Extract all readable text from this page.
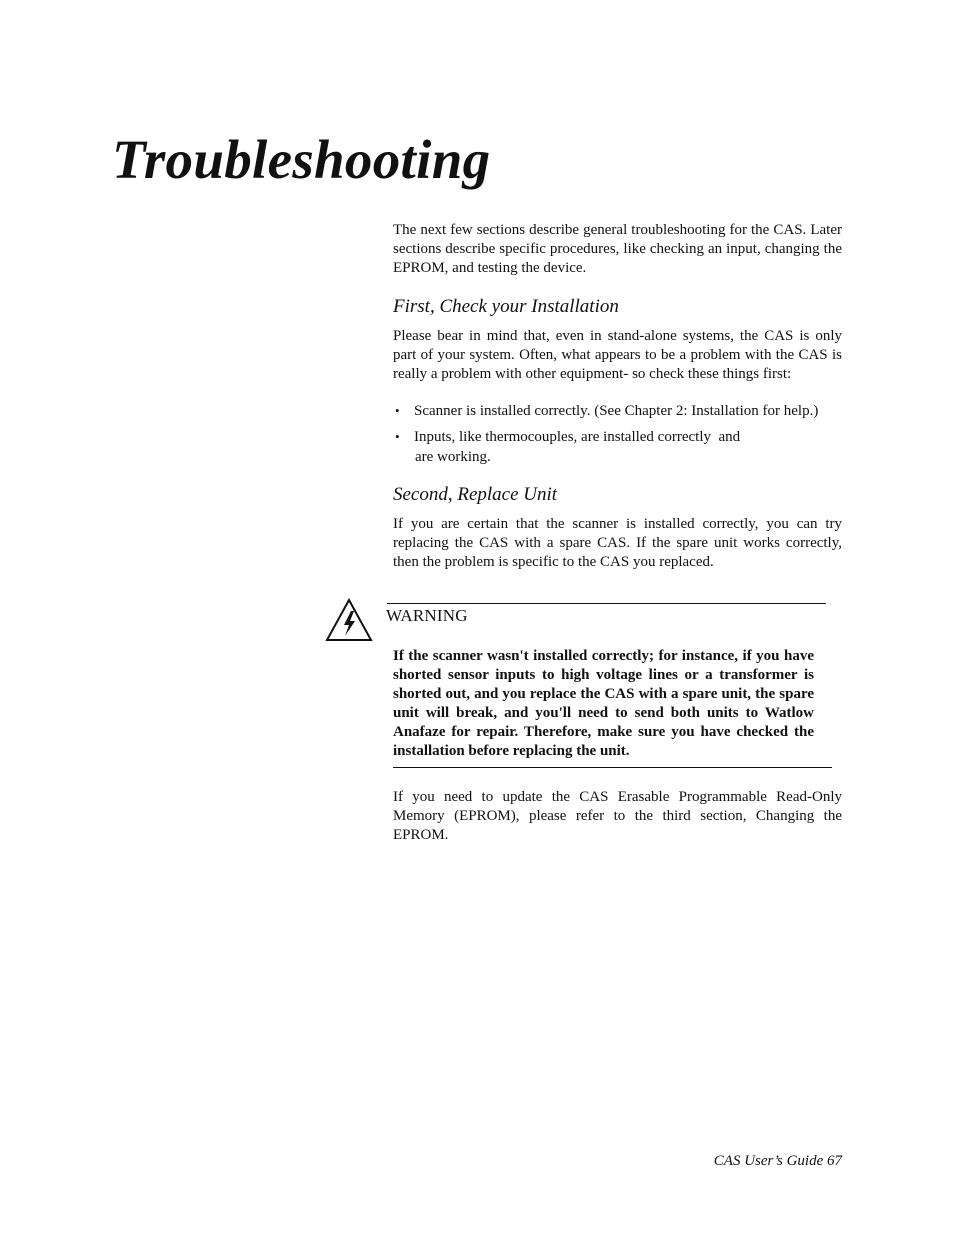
Troubleshooting

The next few sections describe general troubleshooting for the CAS. Later sections describe specific procedures, like checking an input, changing the EPROM, and testing the device.

First, Check your Installation

Please bear in mind that, even in stand-alone systems, the CAS is only part of your system. Often, what appears to be a problem with the CAS is really a problem with other equipment- so check these things first:

• Scanner is installed correctly. (See Chapter 2: Installation for help.)
• Inputs, like thermocouples, are installed correctly  and
are working.
Second, Replace Unit

If you are certain that the scanner is installed correctly, you can try replacing the CAS with a spare CAS. If the spare unit works correctly, then the problem is specific to the CAS you replaced.

WARNING

If the scanner wasn't installed correctly; for instance, if you have shorted sensor inputs to high voltage lines or a transformer is shorted out, and you replace the CAS with a spare unit, the spare unit will break, and you'll need to send both units to Watlow Anafaze for repair. Therefore, make sure you have checked the installation before replacing the unit.

If you need to update the CAS Erasable Programmable Read-Only Memory (EPROM), please refer to the third section, Changing the EPROM.

CAS User’s Guide 67
